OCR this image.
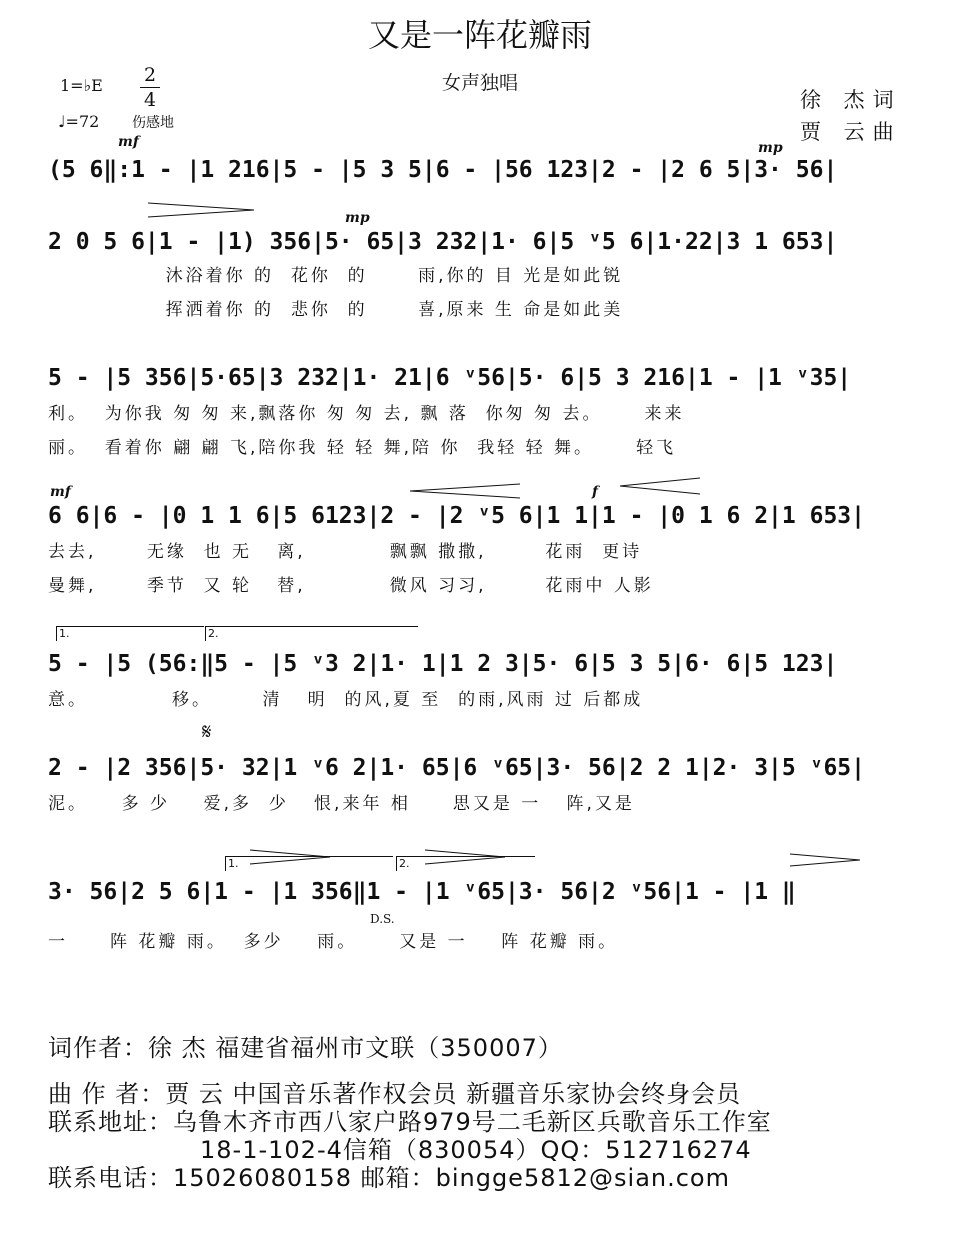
又是一阵花瓣雨
女声独唱
徐 杰词
贾 云曲
1=♭E 2
4
♩=72 伤感地
mf	mp
mp
mf	f
𝄋
D.S.
1.	2.
1.	2.
(5 6‖:1 - |1 216|5 - |5 3 5|6 - |56 123|2 - |2 6 5|3· 56|
2 0 5 6|1 - |1) 356|5· 65|3 232|1· 6|5 ᵛ5 6|1·22|3 1 653|
沐浴着你 的  花你  的      雨,你的 目 光是如此锐
挥洒着你 的  悲你  的      喜,原来 生 命是如此美
5 - |5 356|5·65|3 232|1· 21|6 ᵛ56|5· 6|5 3 216|1 - |1 ᵛ35|
利。  为你我 匆 匆 来,飘落你 匆 匆 去, 飘 落  你匆 匆 去。     来来
丽。  看着你 翩 翩 飞,陪你我 轻 轻 舞,陪 你  我轻 轻 舞。     轻飞
6 6|6 - |0 1 1 6|5 6123|2 - |2 ᵛ5 6|1 1|1 - |0 1 6 2|1 653|
去去,      无缘  也 无   离,          飘飘 撒撒,       花雨  更诗
曼舞,      季节  又 轮   替,          微风 习习,       花雨中 人影
5 - |5 (56:‖5 - |5 ᵛ3 2|1· 1|1 2 3|5· 6|5 3 5|6· 6|5 123|
意。          移。      清   明  的风,夏 至  的雨,风雨 过 后都成
2 - |2 356|5· 32|1 ᵛ6 2|1· 65|6 ᵛ65|3· 56|2 2 1|2· 3|5 ᵛ65|
泥。    多 少    爱,多  少   恨,来年 相     思又是 一   阵,又是
3· 56|2 5 6|1 - |1 356‖1 - |1 ᵛ65|3· 56|2 ᵛ56|1 - |1 ‖
一     阵 花瓣 雨。  多少    雨。     又是 一    阵 花瓣 雨。
词作者：徐 杰 福建省福州市文联（350007）
曲 作 者：贾 云 中国音乐著作权会员 新疆音乐家协会终身会员
联系地址：乌鲁木齐市西八家户路979号二毛新区兵歌音乐工作室
18-1-102-4信箱（830054）QQ：512716274
联系电话：15026080158 邮箱：bingge5812@sian.com
